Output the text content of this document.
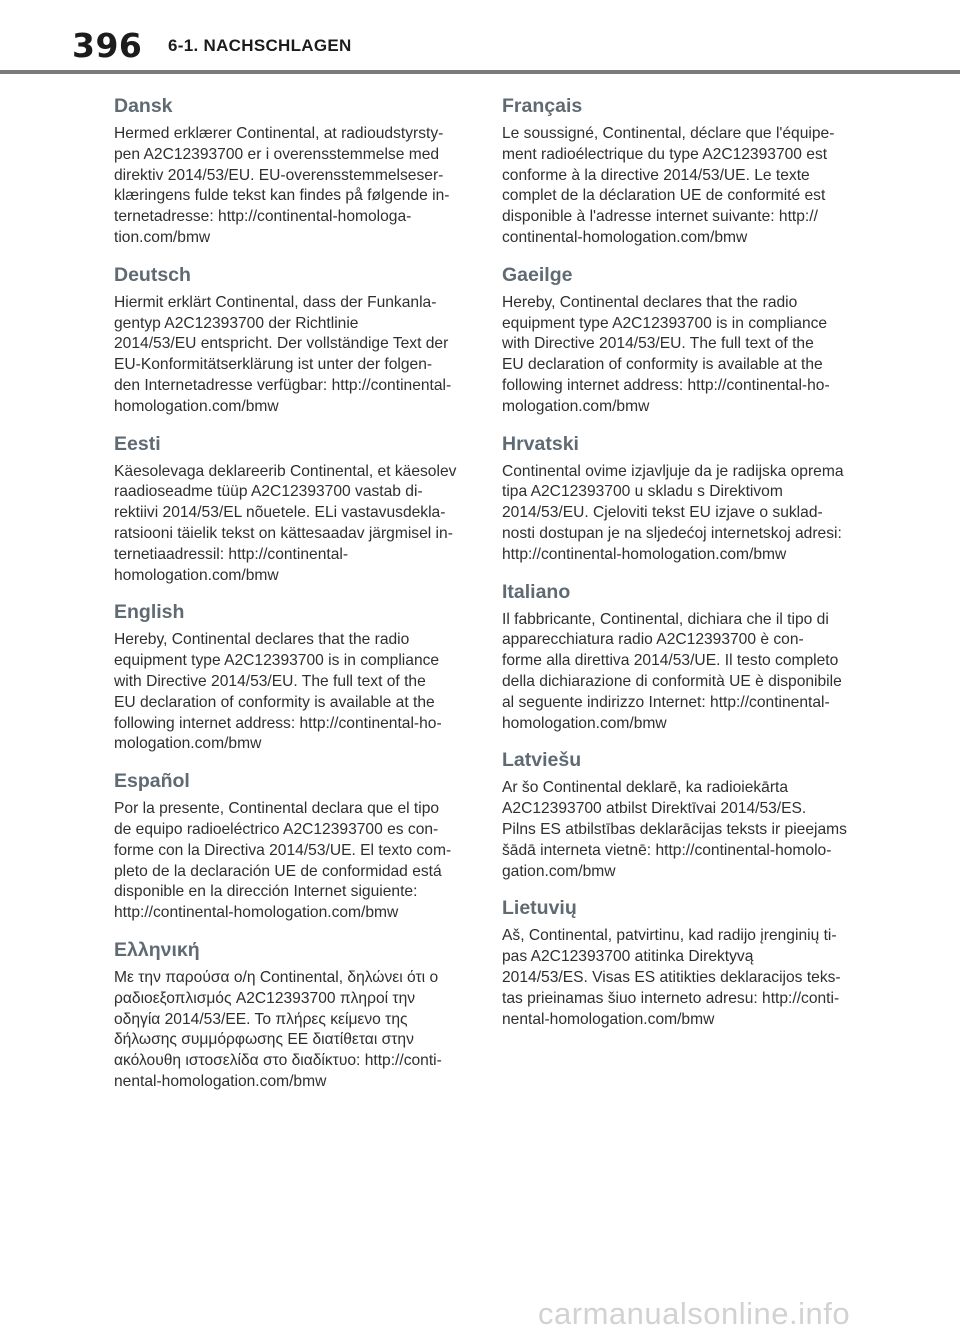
396 6-1. NACHSCHLAGEN
Dansk

Hermed erklærer Continental, at radioudstyrsty-
pen A2C12393700 er i overensstemmelse med
direktiv 2014/53/EU. EU-overensstemmelseser-
klæringens fulde tekst kan findes på følgende in-
ternetadresse: http://continental-homologa-
tion.com/bmw

Deutsch

Hiermit erklärt Continental, dass der Funkanla-
gentyp A2C12393700 der Richtlinie
2014/53/EU entspricht. Der vollständige Text der
EU-Konformitätserklärung ist unter der folgen-
den Internetadresse verfügbar: http://continental-
homologation.com/bmw

Eesti

Käesolevaga deklareerib Continental, et käesolev
raadioseadme tüüp A2C12393700 vastab di-
rektiivi 2014/53/EL nõuetele. ELi vastavusdekla-
ratsiooni täielik tekst on kättesaadav järgmisel in-
ternetiaadressil: http://continental-
homologation.com/bmw

English

Hereby, Continental declares that the radio
equipment type A2C12393700 is in compliance
with Directive 2014/53/EU. The full text of the
EU declaration of conformity is available at the
following internet address: http://continental-ho-
mologation.com/bmw

Español

Por la presente, Continental declara que el tipo
de equipo radioeléctrico A2C12393700 es con-
forme con la Directiva 2014/53/UE. El texto com-
pleto de la declaración UE de conformidad está
disponible en la dirección Internet siguiente:
http://continental-homologation.com/bmw

Ελληνική

Με την παρούσα ο/η Continental, δηλώνει ότι ο
ραδιοεξοπλισμός A2C12393700 πληροί την
οδηγία 2014/53/ΕΕ. Το πλήρες κείμενο της
δήλωσης συμμόρφωσης ΕΕ διατίθεται στην
ακόλουθη ιστοσελίδα στο διαδίκτυο: http://conti-
nental-homologation.com/bmw

Français

Le soussigné, Continental, déclare que l'équipe-
ment radioélectrique du type A2C12393700 est
conforme à la directive 2014/53/UE. Le texte
complet de la déclaration UE de conformité est
disponible à l'adresse internet suivante: http://
continental-homologation.com/bmw

Gaeilge

Hereby, Continental declares that the radio
equipment type A2C12393700 is in compliance
with Directive 2014/53/EU. The full text of the
EU declaration of conformity is available at the
following internet address: http://continental-ho-
mologation.com/bmw

Hrvatski

Continental ovime izjavljuje da je radijska oprema
tipa A2C12393700 u skladu s Direktivom
2014/53/EU. Cjeloviti tekst EU izjave o suklad-
nosti dostupan je na sljedećoj internetskoj adresi:
http://continental-homologation.com/bmw

Italiano

Il fabbricante, Continental, dichiara che il tipo di
apparecchiatura radio A2C12393700 è con-
forme alla direttiva 2014/53/UE. Il testo completo
della dichiarazione di conformità UE è disponibile
al seguente indirizzo Internet: http://continental-
homologation.com/bmw

Latviešu

Ar šo Continental deklarē, ka radioiekārta
A2C12393700 atbilst Direktīvai 2014/53/ES.
Pilns ES atbilstības deklarācijas teksts ir pieejams
šādā interneta vietnē: http://continental-homolo-
gation.com/bmw

Lietuvių

Aš, Continental, patvirtinu, kad radijo įrenginių ti-
pas A2C12393700 atitinka Direktyvą
2014/53/ES. Visas ES atitikties deklaracijos teks-
tas prieinamas šiuo interneto adresu: http://conti-
nental-homologation.com/bmw

carmanualsonline.info
